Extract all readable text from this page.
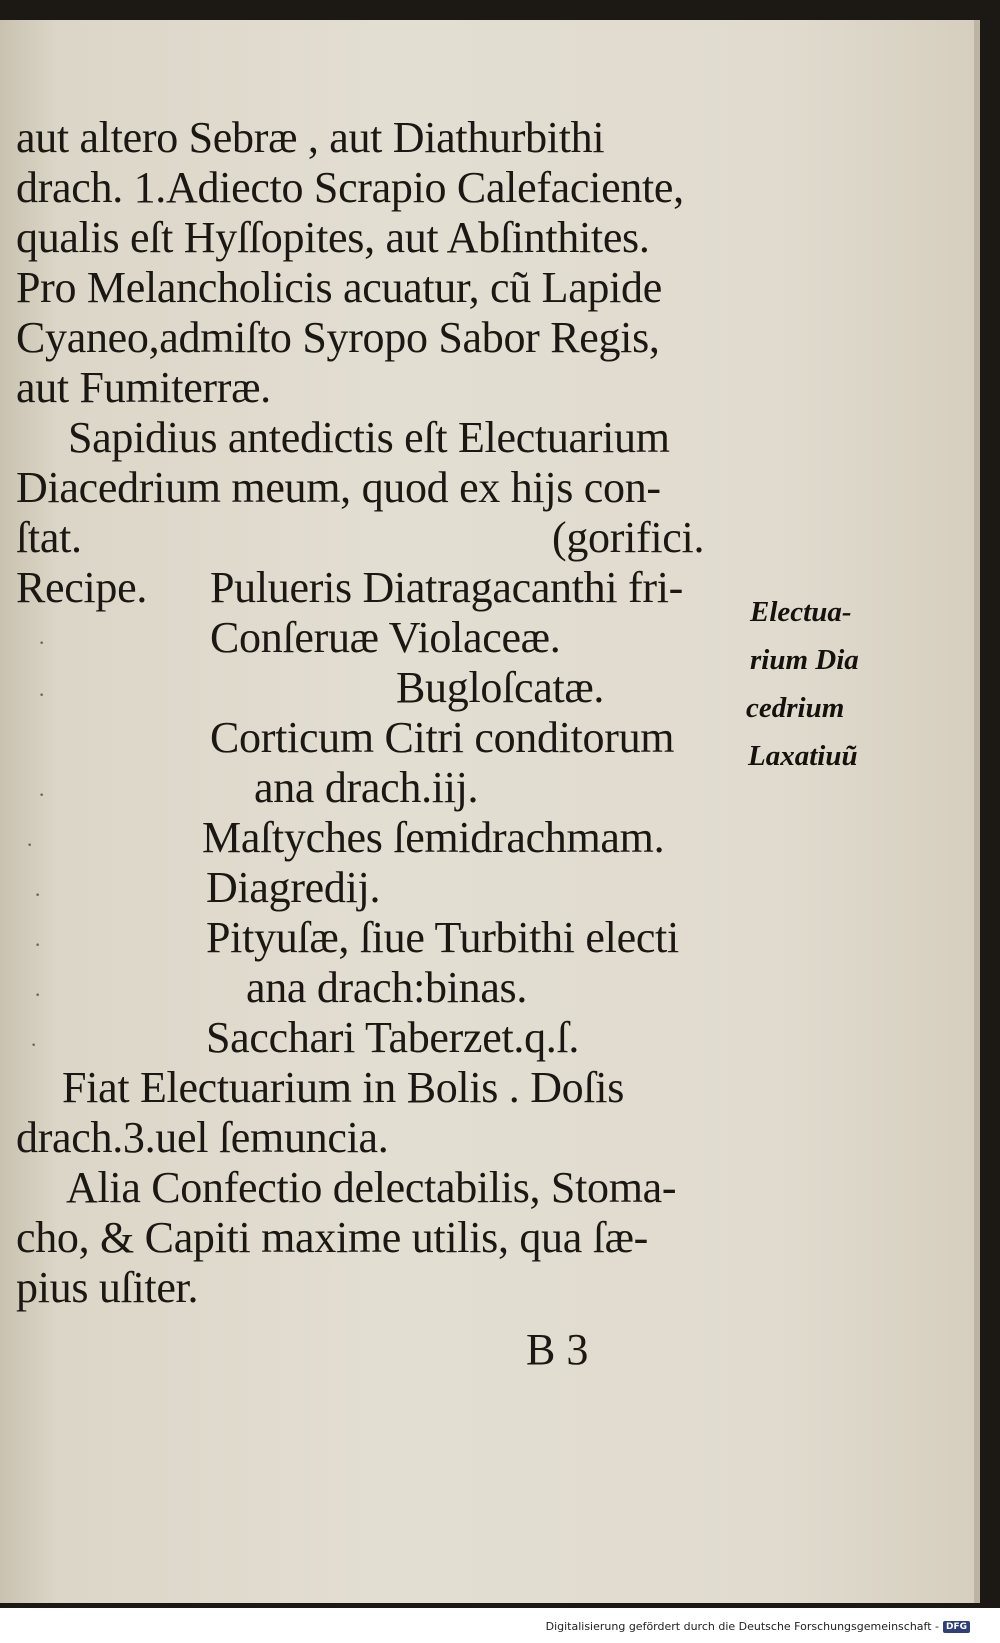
aut altero Sebræ , aut Diathurbithi
drach. 1.Adiecto Scrapio Calefaciente,
qualis eſt Hyſſopites, aut Abſinthites.
Pro Melancholicis acuatur, cũ Lapide
Cyaneo,admiſto Syropo Sabor Regis,
aut Fumiterræ.
Sapidius antedictis eſt Electuarium
Diacedrium meum, quod ex hijs con-
ſtat.	(gorifici.
Recipe. Pulueris Diatragacanthi fri-
Conſeruæ Violaceæ.
Bugloſcatæ.
Corticum Citri conditorum
ana drach.iij.
Maſtyches ſemidrachmam.
Diagredij.
Pityuſæ, ſiue Turbithi electi
ana drach:binas.
Sacchari Taberzet.q.ſ.
Fiat Electuarium in Bolis . Doſis
drach.3.uel ſemuncia.
Alia Confectio delectabilis, Stoma-
cho, & Capiti maxime utilis, qua ſæ-
pius uſiter.
Electua-
rium Dia
cedrium
Laxatiuũ
·
·
·
·
·
·
·
·
B 3
Digitalisierung gefördert durch die Deutsche Forschungsgemeinschaft - DFG
